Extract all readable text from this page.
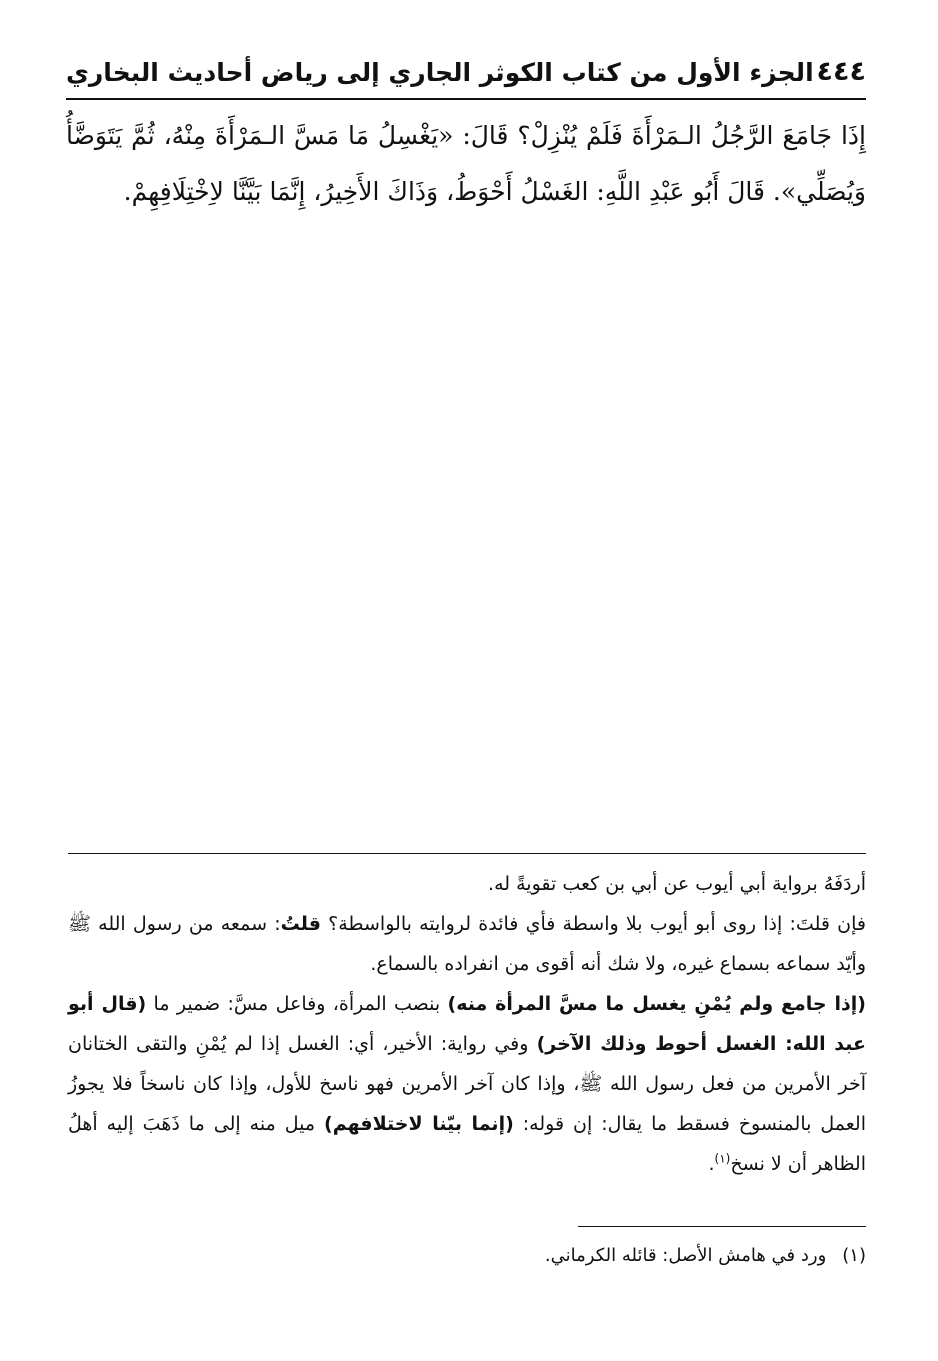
٤٤٤
الجزء الأول من كتاب الكوثر الجاري إلى رياض أحاديث البخاري

إِذَا جَامَعَ الرَّجُلُ الـمَرْأَةَ فَلَمْ يُنْزِلْ؟ قَالَ: «يَغْسِلُ مَا مَسَّ الـمَرْأَةَ مِنْهُ، ثُمَّ يَتَوَضَّأُ وَيُصَلِّي». قَالَ أَبُو عَبْدِ اللَّهِ: الغَسْلُ أَحْوَطُ، وَذَاكَ الأَخِيرُ، إِنَّمَا بَيَّنَّا لاِخْتِلَافِهِمْ.

أردَفَهُ برواية أبي أيوب عن أبي بن كعب تقويةً له.

فإن قلتَ: إذا روى أبو أيوب بلا واسطة فأي فائدة لروايته بالواسطة؟ قلتُ: سمعه من رسول الله ﷺ وأيّد سماعه بسماع غيره، ولا شك أنه أقوى من انفراده بالسماع.

(إذا جامع ولم يُمْنِ يغسل ما مسَّ المرأة منه) بنصب المرأة، وفاعل مسَّ: ضمير ما (قال أبو عبد الله: الغسل أحوط وذلك الآخر) وفي رواية: الأخير، أي: الغسل إذا لم يُمْنِ والتقى الختانان آخر الأمرين من فعل رسول الله ﷺ، وإذا كان آخر الأمرين فهو ناسخ للأول، وإذا كان ناسخاً فلا يجوزُ العمل بالمنسوخ فسقط ما يقال: إن قوله: (إنما بيّنا لاختلافهم) ميل منه إلى ما ذَهَبَ إليه أهلُ الظاهر أن لا نسخ$^{(١)}$.

(١)ورد في هامش الأصل: قائله الكرماني.
